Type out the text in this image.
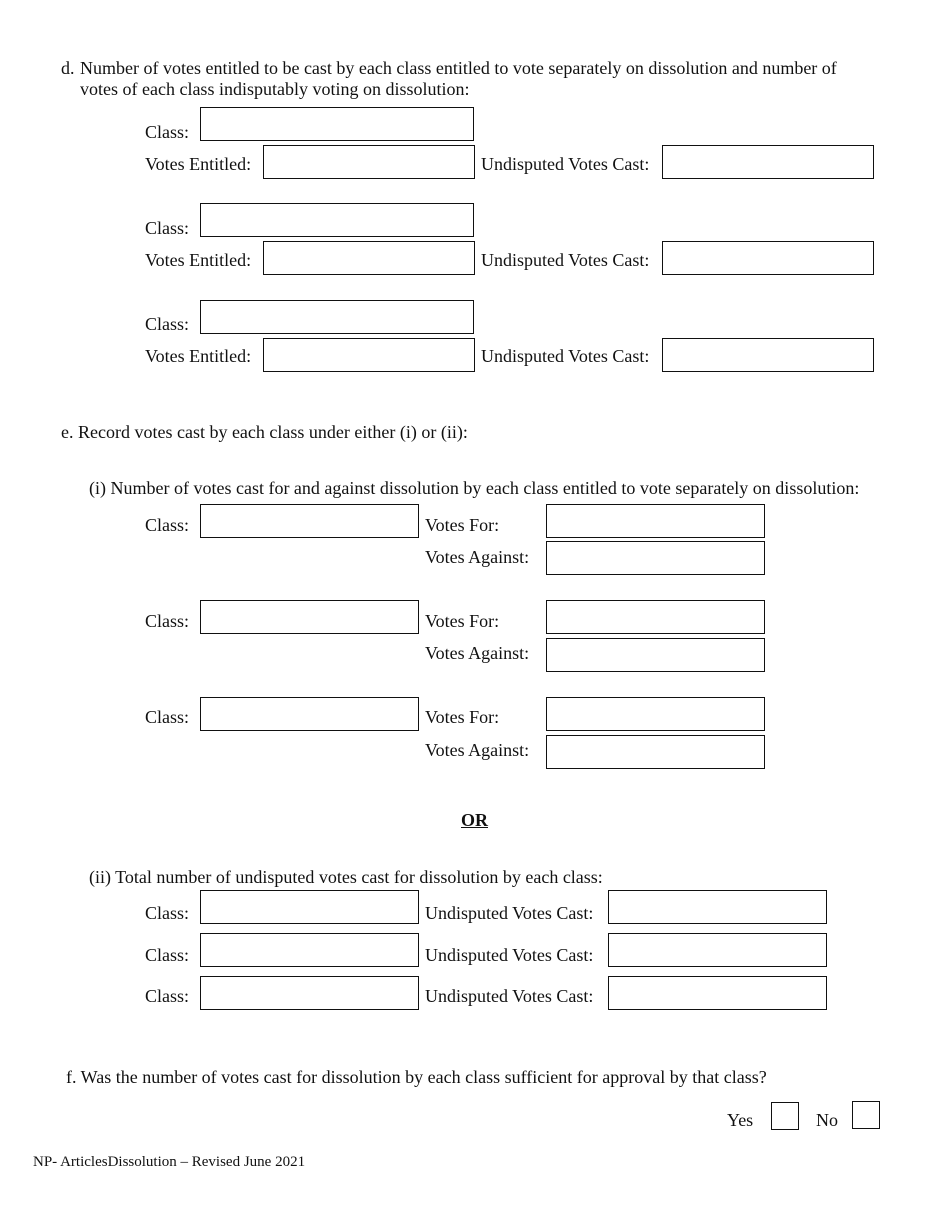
d. Number of votes entitled to be cast by each class entitled to vote separately on dissolution and number of
votes of each class indisputably voting on dissolution:
Class:
Votes Entitled:	Undisputed Votes Cast:
Class:
Votes Entitled:	Undisputed Votes Cast:
Class:
Votes Entitled:	Undisputed Votes Cast:
e. Record votes cast by each class under either (i) or (ii):
(i) Number of votes cast for and against dissolution by each class entitled to vote separately on dissolution:
Class:	Votes For:
Votes Against:
Class:	Votes For:
Votes Against:
Class:	Votes For:
Votes Against:
OR
(ii) Total number of undisputed votes cast for dissolution by each class:
Class:	Undisputed Votes Cast:
Class:	Undisputed Votes Cast:
Class:	Undisputed Votes Cast:
f. Was the number of votes cast for dissolution by each class sufficient for approval by that class?
Yes	No
NP- ArticlesDissolution – Revised June 2021
